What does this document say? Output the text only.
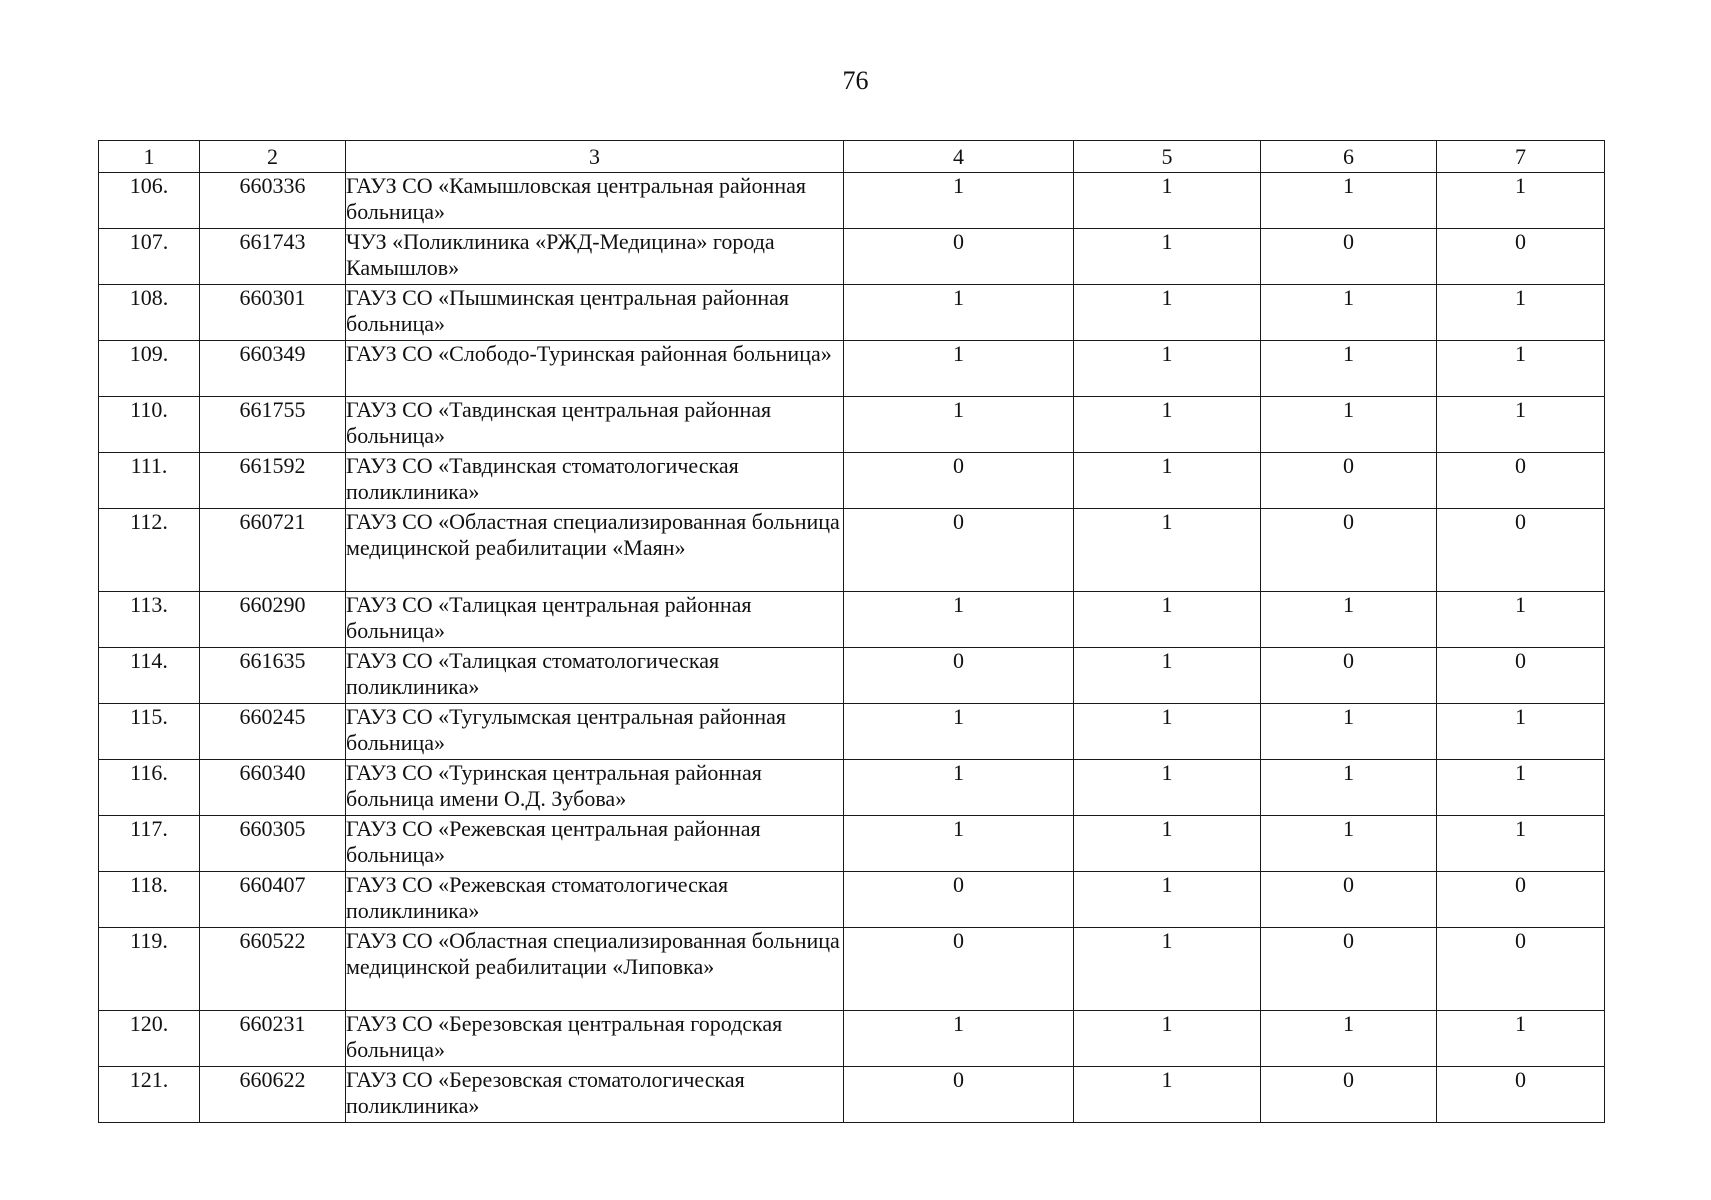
76
1	2	3	4	5	6	7
106.	660336	ГАУЗ СО «Камышловская центральная районная больница»	1	1	1	1
107.	661743	ЧУЗ «Поликлиника «РЖД-Медицина» города Камышлов»	0	1	0	0
108.	660301	ГАУЗ СО «Пышминская центральная районная больница»	1	1	1	1
109.	660349	ГАУЗ СО «Слободо-Туринская районная больница»	1	1	1	1
110.	661755	ГАУЗ СО «Тавдинская центральная районная больница»	1	1	1	1
111.	661592	ГАУЗ СО «Тавдинская стоматологическая поликлиника»	0	1	0	0
112.	660721	ГАУЗ СО «Областная специализированная больница медицинской реабилитации «Маян»	0	1	0	0
113.	660290	ГАУЗ СО «Талицкая центральная районная больница»	1	1	1	1
114.	661635	ГАУЗ СО «Талицкая стоматологическая поликлиника»	0	1	0	0
115.	660245	ГАУЗ СО «Тугулымская центральная районная больница»	1	1	1	1
116.	660340	ГАУЗ СО «Туринская центральная районная больница имени О.Д. Зубова»	1	1	1	1
117.	660305	ГАУЗ СО «Режевская центральная районная больница»	1	1	1	1
118.	660407	ГАУЗ СО «Режевская стоматологическая поликлиника»	0	1	0	0
119.	660522	ГАУЗ СО «Областная специализированная больница медицинской реабилитации «Липовка»	0	1	0	0
120.	660231	ГАУЗ СО «Березовская центральная городская больница»	1	1	1	1
121.	660622	ГАУЗ СО «Березовская стоматологическая поликлиника»	0	1	0	0
